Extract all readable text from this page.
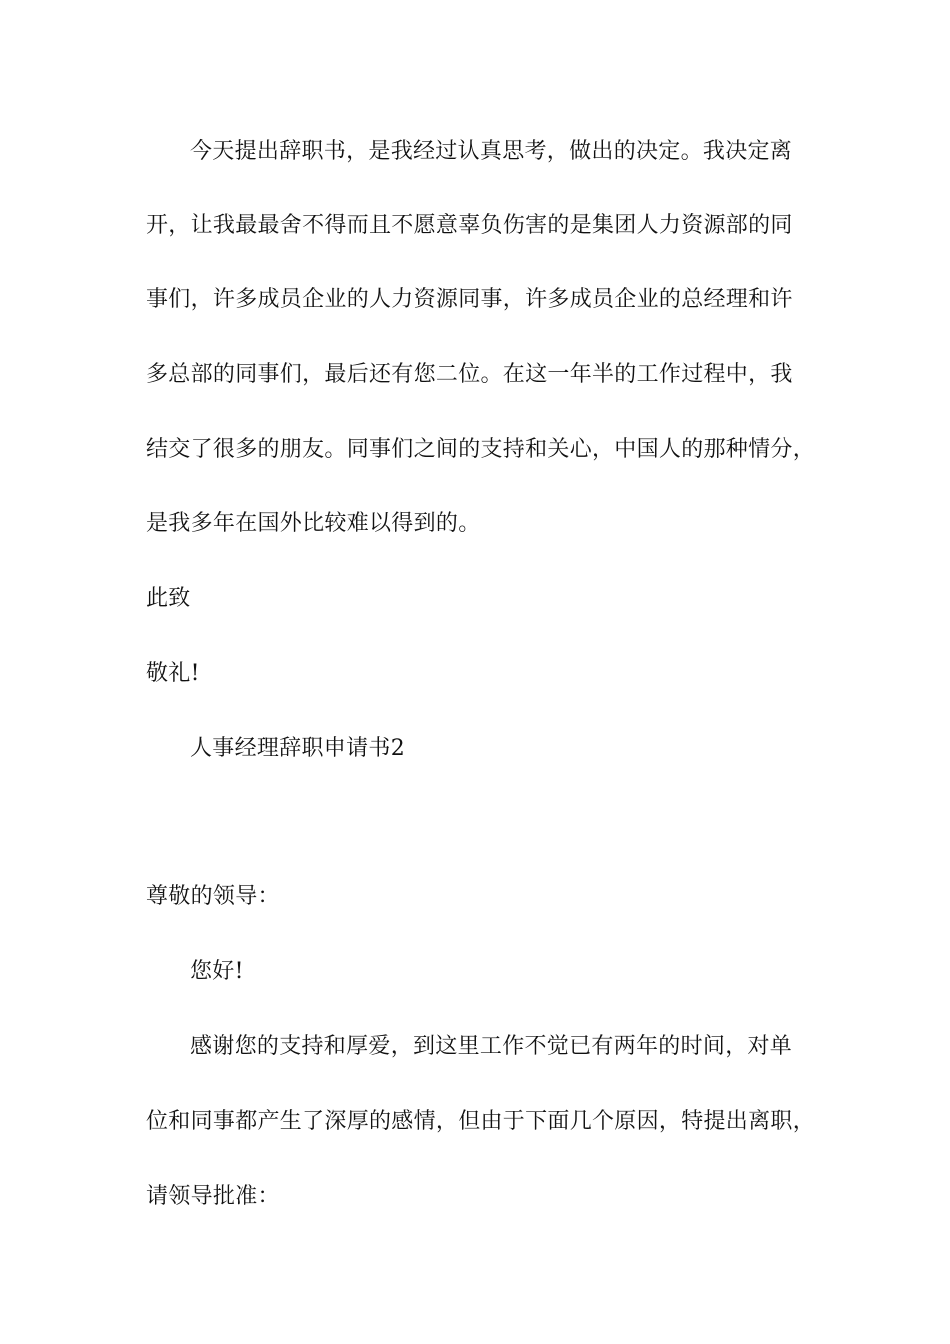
今天提出辞职书，是我经过认真思考，做出的决定。我决定离
开，让我最最舍不得而且不愿意辜负伤害的是集团人力资源部的同
事们，许多成员企业的人力资源同事，许多成员企业的总经理和许
多总部的同事们，最后还有您二位。在这一年半的工作过程中，我
结交了很多的朋友。同事们之间的支持和关心，中国人的那种情分，
是我多年在国外比较难以得到的。
此致
敬礼!
人事经理辞职申请书2
尊敬的领导：
您好!
感谢您的支持和厚爱，到这里工作不觉已有两年的时间，对单
位和同事都产生了深厚的感情，但由于下面几个原因，特提出离职，
请领导批准：
